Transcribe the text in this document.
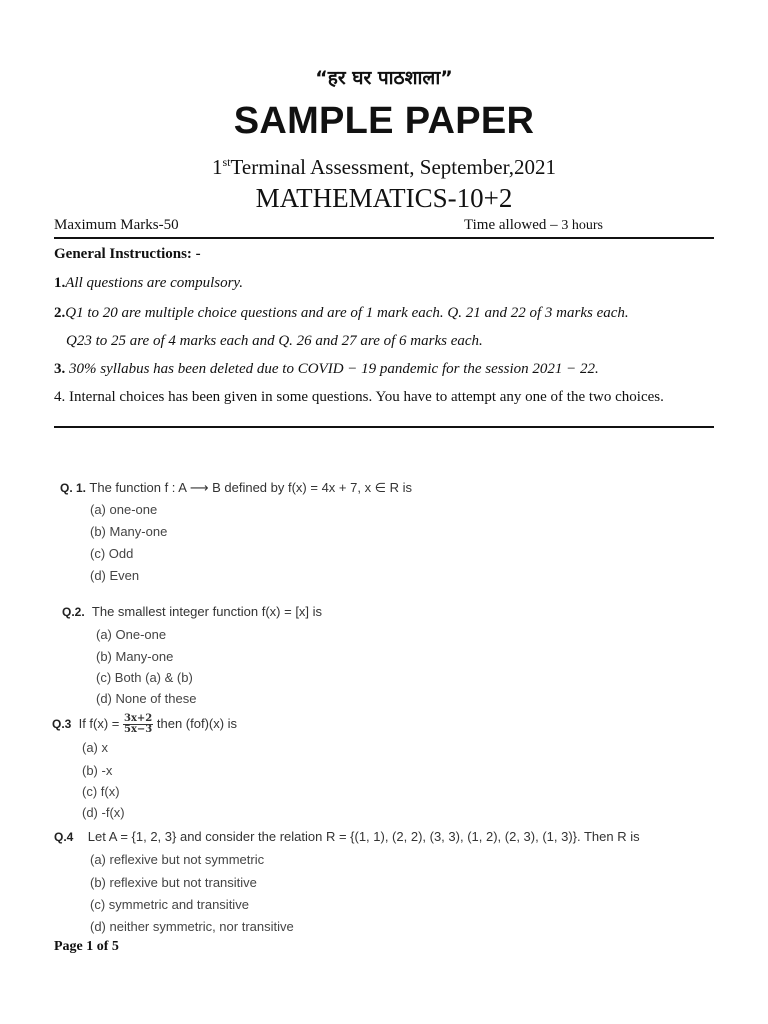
“हर घर पाठशाला”
SAMPLE PAPER
1stTerminal Assessment, September,2021
MATHEMATICS-10+2
Maximum Marks-50	Time allowed – 3 hours
General Instructions: -
1.All questions are compulsory.
2.Q1 to 20 are multiple choice questions and are of 1 mark each. Q. 21 and 22 of 3 marks each.
Q23 to 25 are of 4 marks each and Q. 26 and 27 are of 6 marks each.
3. 30% syllabus has been deleted due to COVID − 19 pandemic for the session 2021 − 22.
4. Internal choices has been given in some questions. You have to attempt any one of the two choices.
Q. 1. The function f : A ⟶ B defined by f(x) = 4x + 7, x ∈ R is
(a) one-one
(b) Many-one
(c) Odd
(d) Even
Q.2. The smallest integer function f(x) = [x] is
(a) One-one
(b) Many-one
(c) Both (a) & (b)
(d) None of these
Q.3 If $f(x) = \frac{3x+2}{5x-3}$ then (fof)(x) is
(a) x
(b) -x
(c) f(x)
(d) -f(x)
Q.4 Let A = {1, 2, 3} and consider the relation R = {(1, 1), (2, 2), (3, 3), (1, 2), (2, 3), (1, 3)}. Then R is
(a) reflexive but not symmetric
(b) reflexive but not transitive
(c) symmetric and transitive
(d) neither symmetric, nor transitive
Page 1 of 5
